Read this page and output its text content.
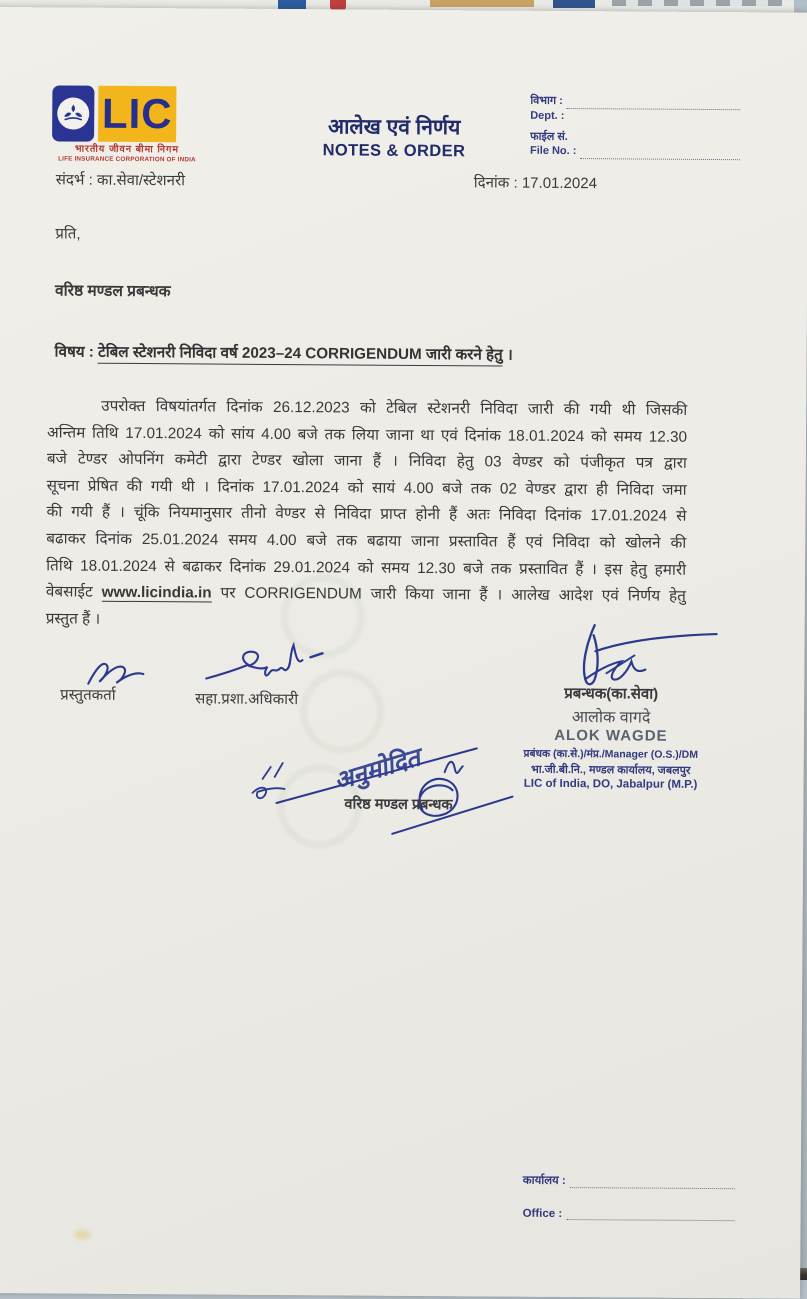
LIC
भारतीय जीवन बीमा निगम
LIFE INSURANCE CORPORATION OF INDIA
आलेख एवं निर्णय
NOTES & ORDER
विभाग :
Dept. :
फाईल सं.
File No. :
संदर्भ : का.सेवा/स्टेशनरी	दिनांक : 17.01.2024
प्रति,
वरिष्ठ मण्डल प्रबन्धक
विषय : टेबिल स्टेशनरी निविदा वर्ष 2023–24 CORRIGENDUM जारी करने हेतु ।
उपरोक्त विषयांतर्गत दिनांक 26.12.2023 को टेबिल स्टेशनरी निविदा जारी की गयी थी जिसकी
अन्तिम तिथि 17.01.2024 को सांय 4.00 बजे तक लिया जाना था एवं दिनांक 18.01.2024 को समय 12.30
बजे टेण्डर ओपनिंग कमेटी द्वारा टेण्डर खोला जाना हैं । निविदा हेतु 03 वेण्डर को पंजीकृत पत्र द्वारा
सूचना प्रेषित की गयी थी । दिनांक 17.01.2024 को सायं 4.00 बजे तक 02 वेण्डर द्वारा ही निविदा जमा
की गयी हैं । चूंकि नियमानुसार तीनो वेण्डर से निविदा प्राप्त होनी हैं अतः निविदा दिनांक 17.01.2024 से
बढाकर दिनांक 25.01.2024 समय 4.00 बजे तक बढाया जाना प्रस्तावित हैं एवं निविदा को खोलने की
तिथि 18.01.2024 से बढाकर दिनांक 29.01.2024 को समय 12.30 बजे तक प्रस्तावित हैं । इस हेतु हमारी
वेबसाईट www.licindia.in पर CORRIGENDUM जारी किया जाना हैं । आलेख आदेश एवं निर्णय हेतु
प्रस्तुत हैं ।
प्रस्तुतकर्ता	सहा.प्रशा.अधिकारी	प्रबन्धक(का.सेवा)
आलोक वागदे
ALOK WAGDE
प्रबंधक (का.से.)/मंप्र./Manager (O.S.)/DM
भा.जी.बी.नि., मण्डल कार्यालय, जबलपुर
LIC of India, DO, Jabalpur (M.P.)
अनुमोदित
वरिष्ठ मण्डल प्रबन्धक
कार्यालय :
Office :
